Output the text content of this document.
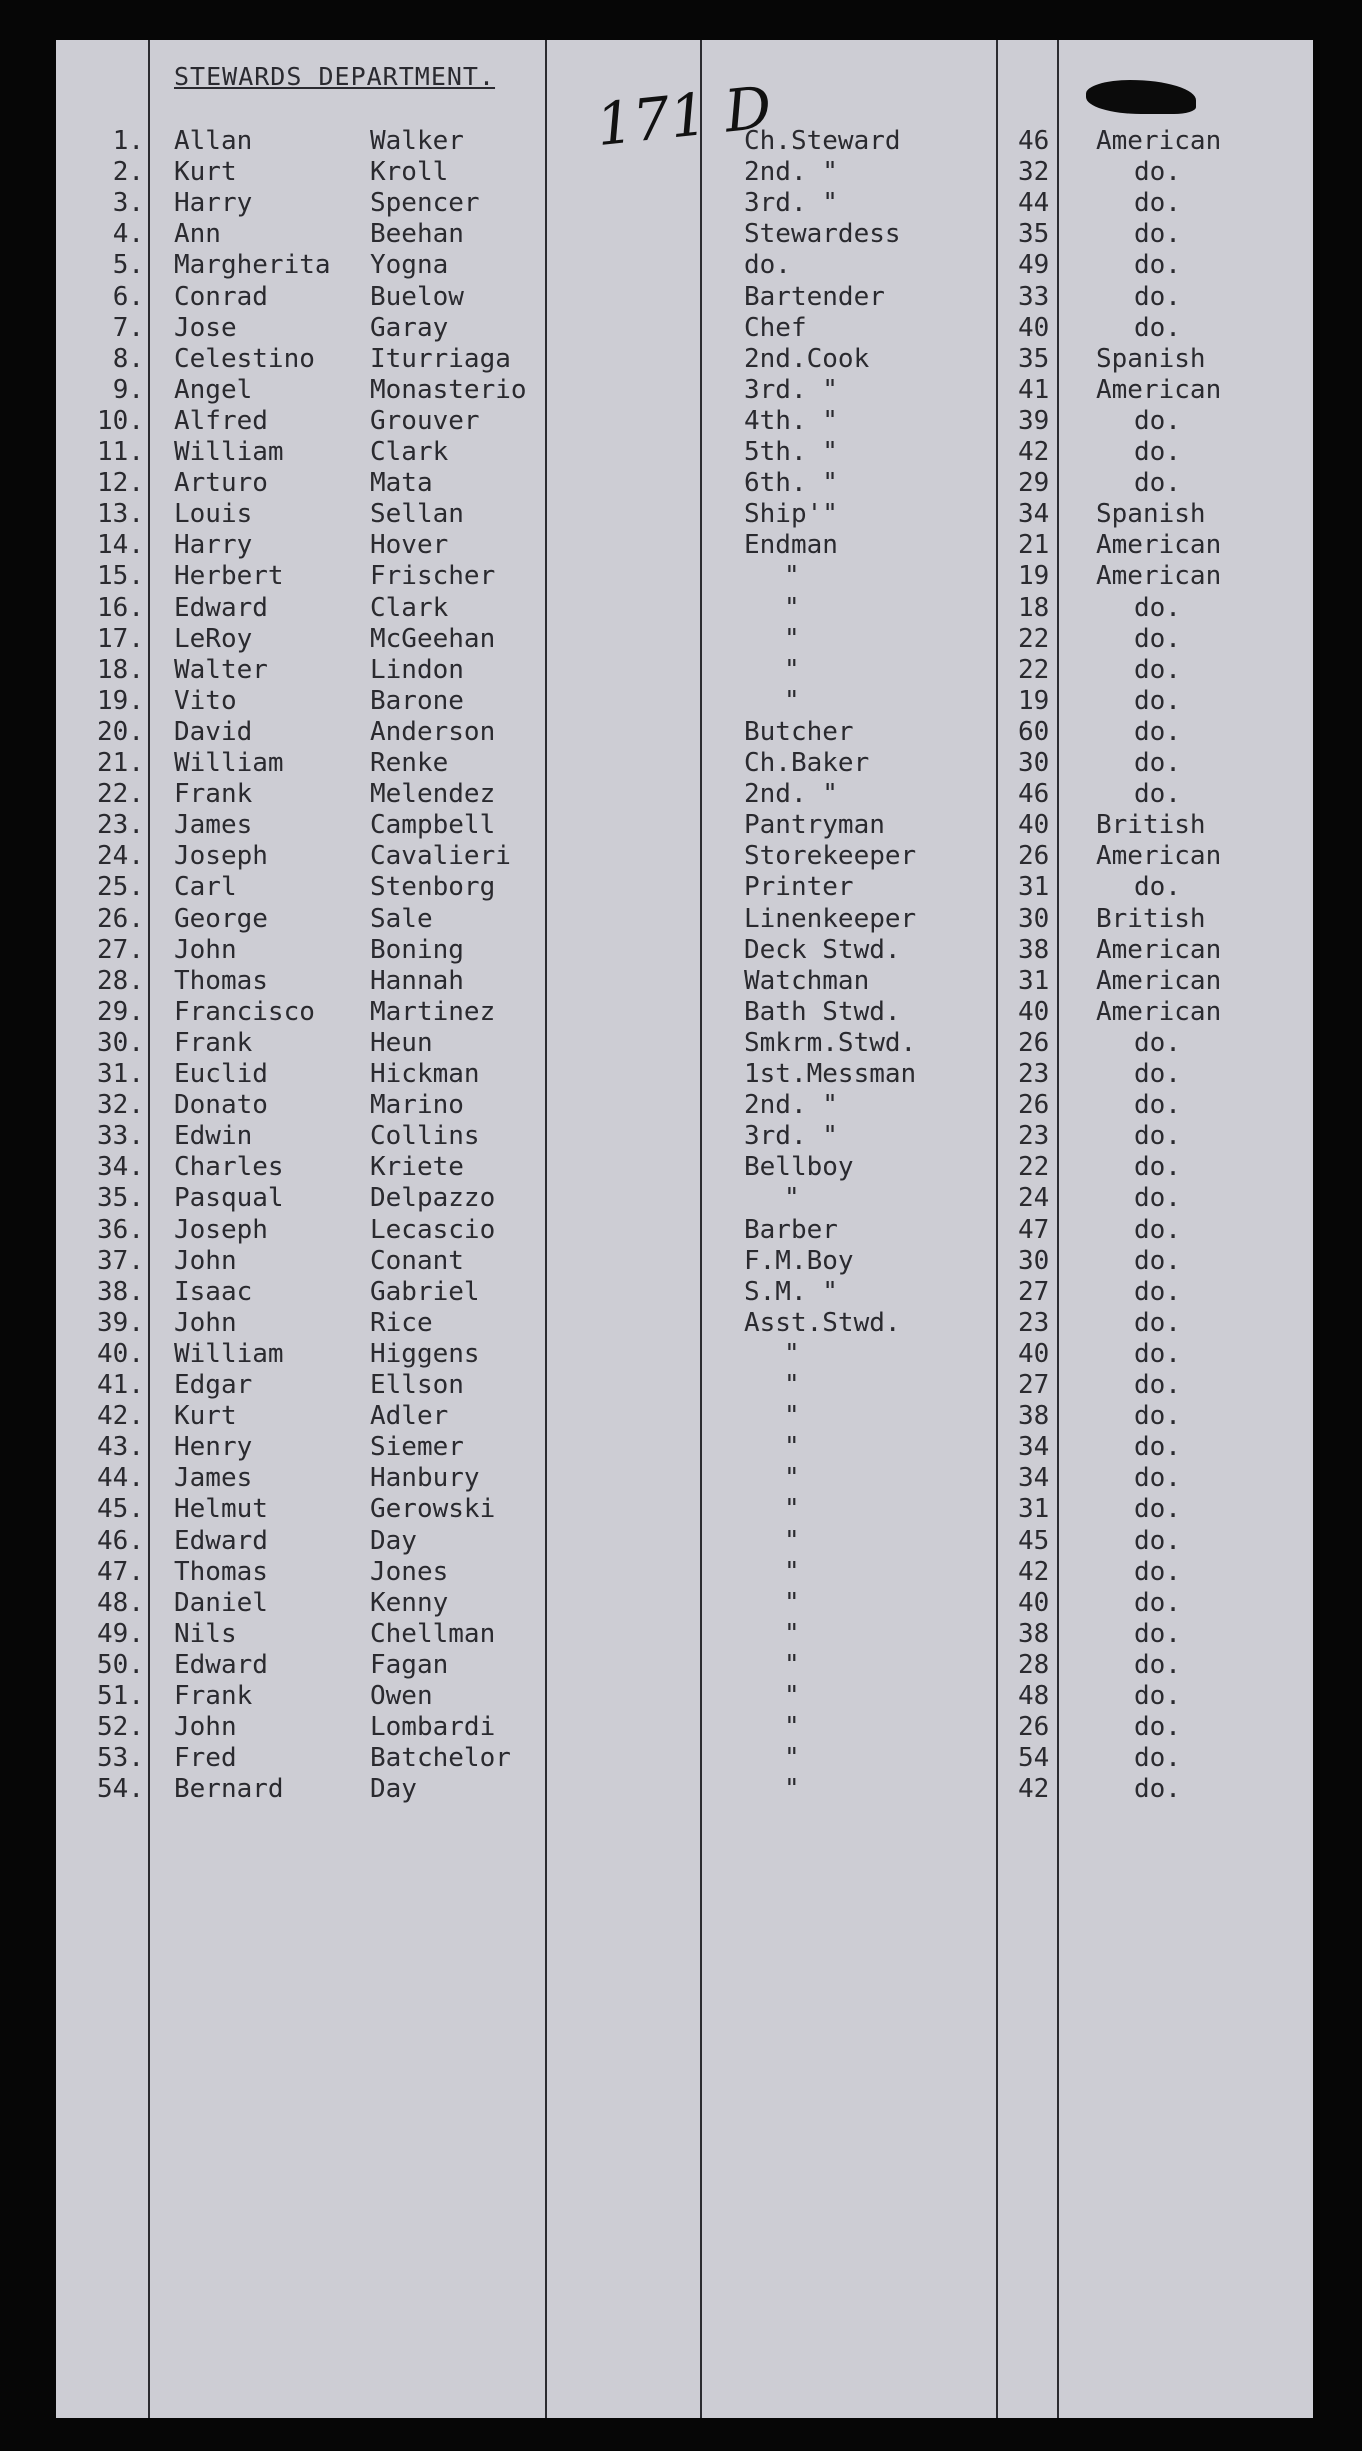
STEWARDS DEPARTMENT. 171 D
1. Allan	Walker	Ch.Steward	46 American
2. Kurt	Kroll	2nd. "	32	do.
3. Harry	Spencer	3rd. "	44	do.
4. Ann	Beehan	Stewardess	35	do.
5. Margherita Yogna	do.	49	do.
6. Conrad	Buelow	Bartender	33	do.
7. Jose	Garay	Chef	40	do.
8. Celestino Iturriaga	2nd.Cook	35 Spanish
9. Angel	Monasterio	3rd. "	41 American
10. Alfred	Grouver	4th. "	39	do.
11. William	Clark	5th. "	42	do.
12. Arturo	Mata	6th. "	29	do.
13. Louis	Sellan	Ship'"	34 Spanish
14. Harry	Hover	Endman	21 American
15. Herbert	Frischer	"	19 American
16. Edward	Clark	"	18	do.
17. LeRoy	McGeehan	"	22	do.
18. Walter	Lindon	"	22	do.
19. Vito	Barone	"	19	do.
20. David	Anderson	Butcher	60	do.
21. William	Renke	Ch.Baker	30	do.
22. Frank	Melendez	2nd. "	46	do.
23. James	Campbell	Pantryman	40 British
24. Joseph	Cavalieri	Storekeeper	26 American
25. Carl	Stenborg	Printer	31	do.
26. George	Sale	Linenkeeper	30 British
27. John	Boning	Deck Stwd.	38 American
28. Thomas	Hannah	Watchman	31 American
29. Francisco Martinez	Bath Stwd.	40 American
30. Frank	Heun	Smkrm.Stwd.	26	do.
31. Euclid	Hickman	1st.Messman	23	do.
32. Donato	Marino	2nd. "	26	do.
33. Edwin	Collins	3rd. "	23	do.
34. Charles	Kriete	Bellboy	22	do.
35. Pasqual	Delpazzo	"	24	do.
36. Joseph	Lecascio	Barber	47	do.
37. John	Conant	F.M.Boy	30	do.
38. Isaac	Gabriel	S.M. "	27	do.
39. John	Rice	Asst.Stwd.	23	do.
40. William	Higgens	"	40	do.
41. Edgar	Ellson	"	27	do.
42. Kurt	Adler	"	38	do.
43. Henry	Siemer	"	34	do.
44. James	Hanbury	"	34	do.
45. Helmut	Gerowski	"	31	do.
46. Edward	Day	"	45	do.
47. Thomas	Jones	"	42	do.
48. Daniel	Kenny	"	40	do.
49. Nils	Chellman	"	38	do.
50. Edward	Fagan	"	28	do.
51. Frank	Owen	"	48	do.
52. John	Lombardi	"	26	do.
53. Fred	Batchelor	"	54	do.
54. Bernard	Day	"	42	do.
